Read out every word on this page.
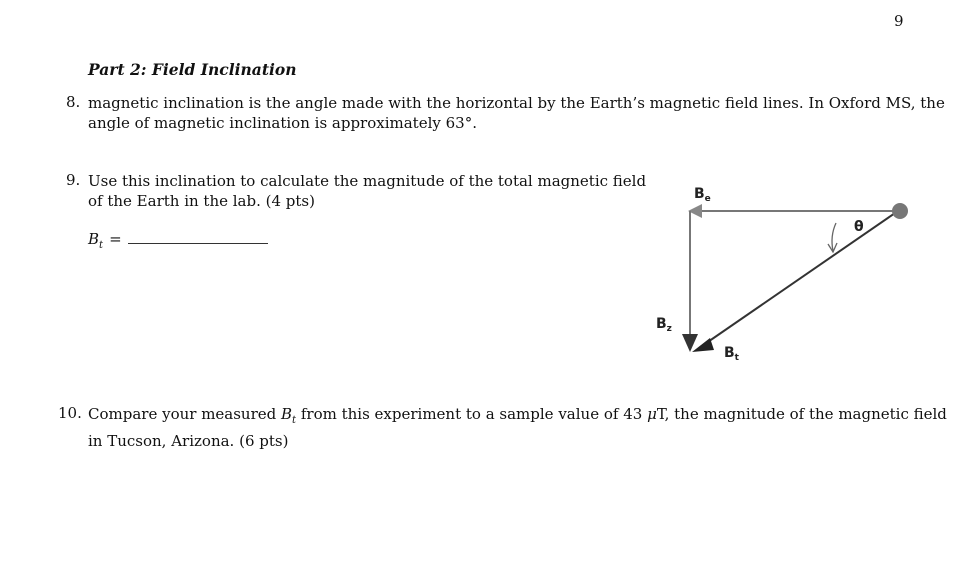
9
Part 2: Field Inclination
8. magnetic inclination is the angle made with the horizontal by the Earth’s magnetic field lines. In Oxford MS, the
angle of magnetic inclination is approximately 63°.
9. Use this inclination to calculate the magnitude of the total magnetic field
of the Earth in the lab. (4 pts)
$B_t$ =
$B_e$
θ
$B_z$
$B_t$
10. Compare your measured $B_t$ from this experiment to a sample value of 43 μT, the magnitude of the magnetic field
in Tucson, Arizona. (6 pts)
